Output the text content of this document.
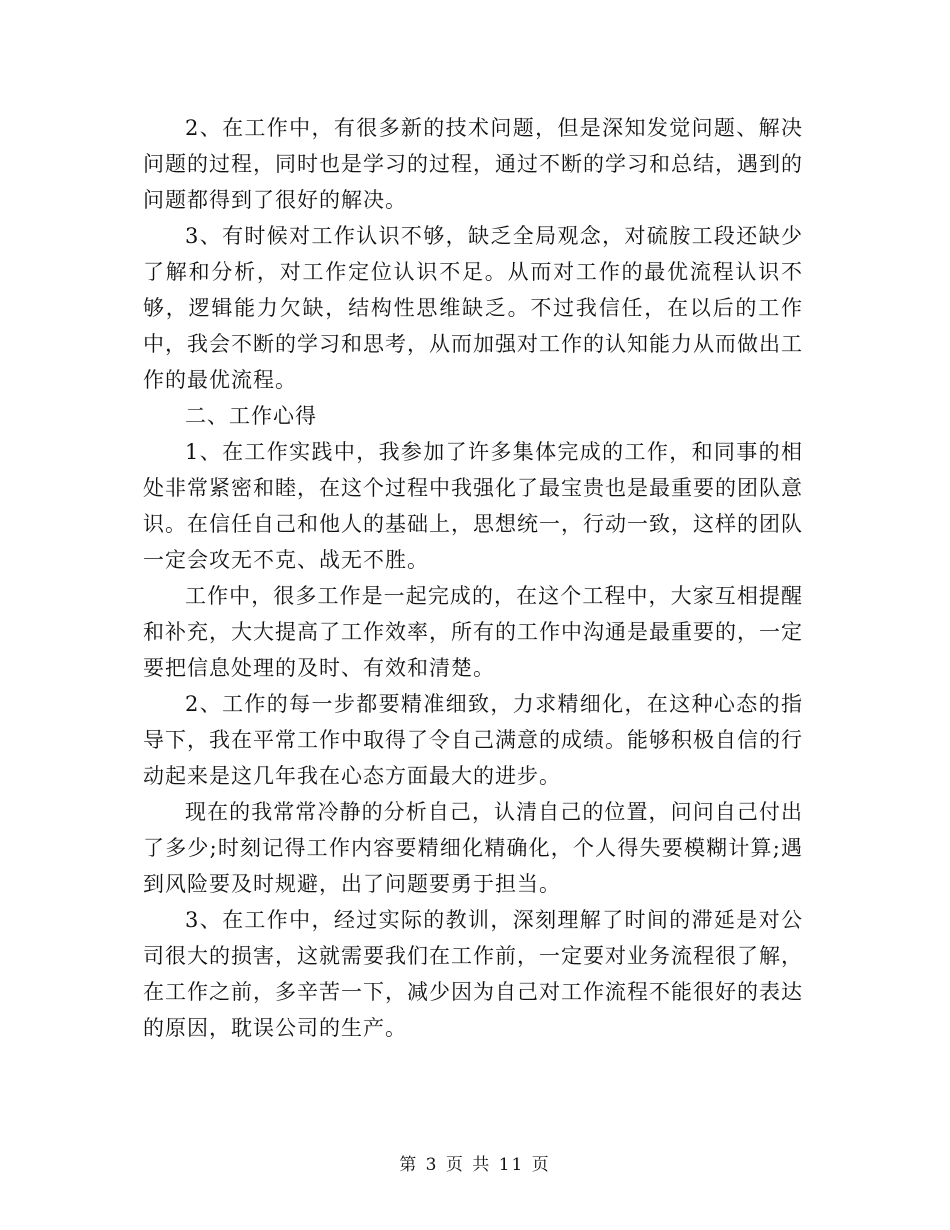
2、在工作中，有很多新的技术问题，但是深知发觉问题、解决问题的过程，同时也是学习的过程，通过不断的学习和总结，遇到的问题都得到了很好的解决。

3、有时候对工作认识不够，缺乏全局观念，对硫胺工段还缺少了解和分析，对工作定位认识不足。从而对工作的最优流程认识不够，逻辑能力欠缺，结构性思维缺乏。不过我信任，在以后的工作中，我会不断的学习和思考，从而加强对工作的认知能力从而做出工作的最优流程。

二、工作心得

1、在工作实践中，我参加了许多集体完成的工作，和同事的相处非常紧密和睦，在这个过程中我强化了最宝贵也是最重要的团队意识。在信任自己和他人的基础上，思想统一，行动一致，这样的团队一定会攻无不克、战无不胜。

工作中，很多工作是一起完成的，在这个工程中，大家互相提醒和补充，大大提高了工作效率，所有的工作中沟通是最重要的，一定要把信息处理的及时、有效和清楚。

2、工作的每一步都要精准细致，力求精细化，在这种心态的指导下，我在平常工作中取得了令自己满意的成绩。能够积极自信的行动起来是这几年我在心态方面最大的进步。

现在的我常常冷静的分析自己，认清自己的位置，问问自己付出了多少;时刻记得工作内容要精细化精确化，个人得失要模糊计算;遇到风险要及时规避，出了问题要勇于担当。

3、在工作中，经过实际的教训，深刻理解了时间的滞延是对公司很大的损害，这就需要我们在工作前，一定要对业务流程很了解，在工作之前，多辛苦一下，减少因为自己对工作流程不能很好的表达的原因，耽误公司的生产。

第 3 页 共 11 页
